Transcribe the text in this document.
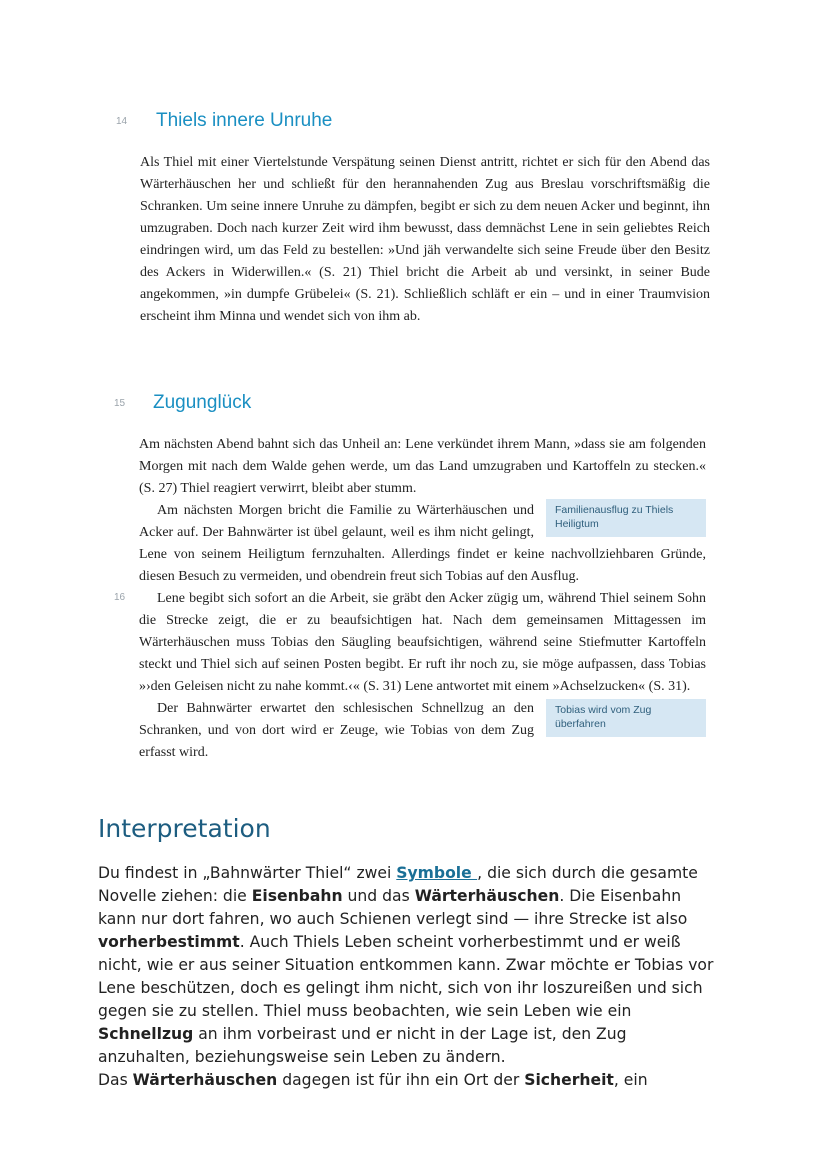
14 Thiels innere Unruhe

Als Thiel mit einer Viertelstunde Verspätung seinen Dienst antritt, richtet er sich für den Abend das Wärterhäuschen her und schließt für den herannahenden Zug aus Breslau vorschriftsmäßig die Schranken. Um seine innere Unruhe zu dämpfen, begibt er sich zu dem neuen Acker und beginnt, ihn umzugraben. Doch nach kurzer Zeit wird ihm bewusst, dass demnächst Lene in sein geliebtes Reich eindringen wird, um das Feld zu bestellen: »Und jäh verwandelte sich seine Freude über den Besitz des Ackers in Widerwillen.« (S. 21) Thiel bricht die Arbeit ab und versinkt, in seiner Bude angekommen, »in dumpfe Grübelei« (S. 21). Schließlich schläft er ein – und in einer Traumvision erscheint ihm Minna und wendet sich von ihm ab.

15 Zugunglück

Am nächsten Abend bahnt sich das Unheil an: Lene verkündet ihrem Mann, »dass sie am folgenden Morgen mit nach dem Walde gehen werde, um das Land umzugraben und Kartoffeln zu stecken.« (S. 27) Thiel reagiert verwirrt, bleibt aber stumm.

Familienausflug zu Thiels Heiligtum
Am nächsten Morgen bricht die Familie zu Wärterhäuschen und Acker auf. Der Bahnwärter ist übel gelaunt, weil es ihm nicht gelingt, Lene von seinem Heiligtum fernzuhalten. Allerdings findet er keine nachvollziehbaren Gründe, diesen Besuch zu vermeiden, und obendrein freut sich Tobias auf den Ausflug.

Lene begibt sich sofort an die Arbeit, sie gräbt den Acker zügig um, während Thiel seinem Sohn die Strecke zeigt, die er zu beaufsichtigen hat. Nach dem gemeinsamen Mittagessen im Wärterhäuschen muss Tobias den Säugling beaufsichtigen, während seine Stiefmutter Kartoffeln steckt und Thiel sich auf seinen Posten begibt. Er ruft ihr noch zu, sie möge aufpassen, dass Tobias »›den Geleisen nicht zu nahe kommt.‹« (S. 31) Lene antwortet mit einem »Achselzucken« (S. 31).

Tobias wird vom Zug überfahren
Der Bahnwärter erwartet den schlesischen Schnellzug an den Schranken, und von dort wird er Zeuge, wie Tobias von dem Zug erfasst wird.

16
Interpretation
Du findest in „Bahnwärter Thiel“ zwei Symbole , die sich durch die gesamte Novelle ziehen: die Eisenbahn und das Wärterhäuschen. Die Eisenbahn kann nur dort fahren, wo auch Schienen verlegt sind — ihre Strecke ist also vorherbestimmt. Auch Thiels Leben scheint vorherbestimmt und er weiß nicht, wie er aus seiner Situation entkommen kann. Zwar möchte er Tobias vor Lene beschützen, doch es gelingt ihm nicht, sich von ihr loszureißen und sich gegen sie zu stellen. Thiel muss beobachten, wie sein Leben wie ein Schnellzug an ihm vorbeirast und er nicht in der Lage ist, den Zug anzuhalten, beziehungsweise sein Leben zu ändern.
Das Wärterhäuschen dagegen ist für ihn ein Ort der Sicherheit, ein
